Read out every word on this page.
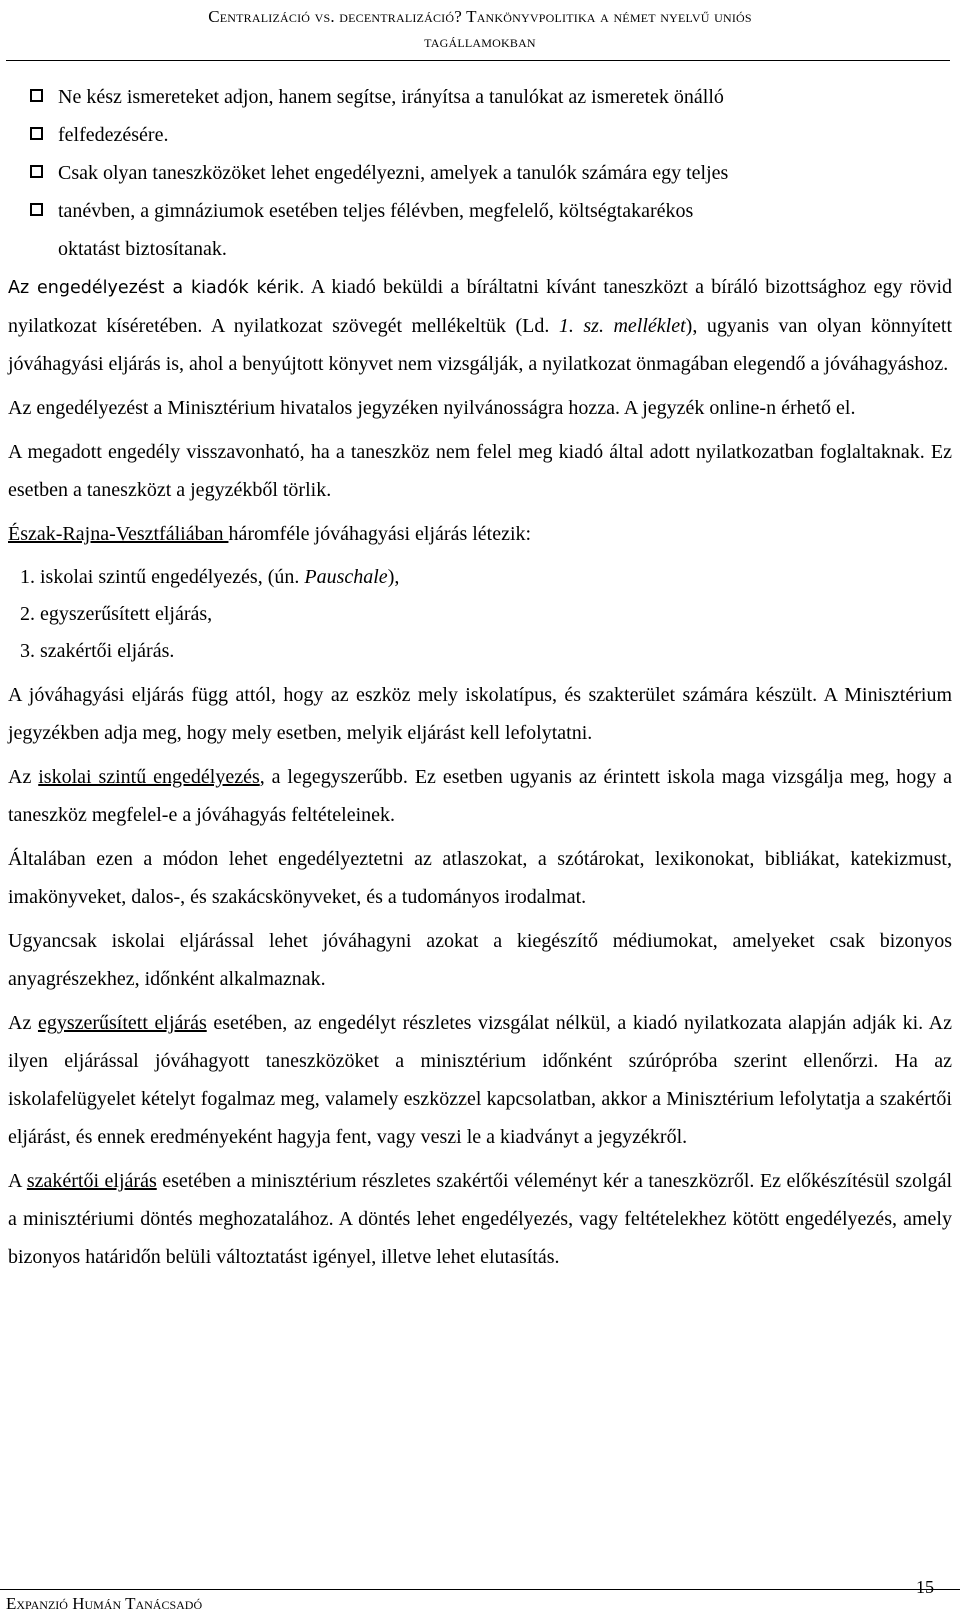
Centralizáció vs. decentralizáció? Tankönyvpolitika a német nyelvű uniós
tagállamokban
Ne kész ismereteket adjon, hanem segítse, irányítsa a tanulókat az ismeretek önálló
felfedezésére.
Csak olyan taneszközöket lehet engedélyezni, amelyek a tanulók számára egy teljes
tanévben, a gimnáziumok esetében teljes félévben, megfelelő, költségtakarékos
oktatást biztosítanak.

Az engedélyezést a kiadók kérik. A kiadó beküldi a bíráltatni kívánt taneszközt a bíráló bizottsághoz egy rövid nyilatkozat kíséretében. A nyilatkozat szövegét mellékeltük (Ld. 1. sz. melléklet), ugyanis van olyan könnyített jóváhagyási eljárás is, ahol a benyújtott könyvet nem vizsgálják, a nyilatkozat önmagában elegendő a jóváhagyáshoz.

Az engedélyezést a Minisztérium hivatalos jegyzéken nyilvánosságra hozza. A jegyzék online-n érhető el.

A megadott engedély visszavonható, ha a taneszköz nem felel meg kiadó által adott nyilatkozatban foglaltaknak. Ez esetben a taneszközt a jegyzékből törlik.

Észak-Rajna-Vesztfáliában háromféle jóváhagyási eljárás létezik:

1. iskolai szintű engedélyezés, (ún. Pauschale),
2. egyszerűsített eljárás,
3. szakértői eljárás.

A jóváhagyási eljárás függ attól, hogy az eszköz mely iskolatípus, és szakterület számára készült. A Minisztérium jegyzékben adja meg, hogy mely esetben, melyik eljárást kell lefolytatni.

Az iskolai szintű engedélyezés, a legegyszerűbb. Ez esetben ugyanis az érintett iskola maga vizsgálja meg, hogy a taneszköz megfelel-e a jóváhagyás feltételeinek.

Általában ezen a módon lehet engedélyeztetni az atlaszokat, a szótárokat, lexikonokat, bibliákat, katekizmust, imakönyveket, dalos-, és szakácskönyveket, és a tudományos irodalmat.

Ugyancsak iskolai eljárással lehet jóváhagyni azokat a kiegészítő médiumokat, amelyeket csak bizonyos anyagrészekhez, időnként alkalmaznak.

Az egyszerűsített eljárás esetében, az engedélyt részletes vizsgálat nélkül, a kiadó nyilatkozata alapján adják ki. Az ilyen eljárással jóváhagyott taneszközöket a minisztérium időnként szúrópróba szerint ellenőrzi. Ha az iskolafelügyelet kételyt fogalmaz meg, valamely eszközzel kapcsolatban, akkor a Minisztérium lefolytatja a szakértői eljárást, és ennek eredményeként hagyja fent, vagy veszi le a kiadványt a jegyzékről.

A szakértői eljárás esetében a minisztérium részletes szakértői véleményt kér a taneszközről. Ez előkészítésül szolgál a minisztériumi döntés meghozatalához. A döntés lehet engedélyezés, vagy feltételekhez kötött engedélyezés, amely bizonyos határidőn belüli változtatást igényel, illetve lehet elutasítás.

15
Expanzió Humán Tanácsadó
